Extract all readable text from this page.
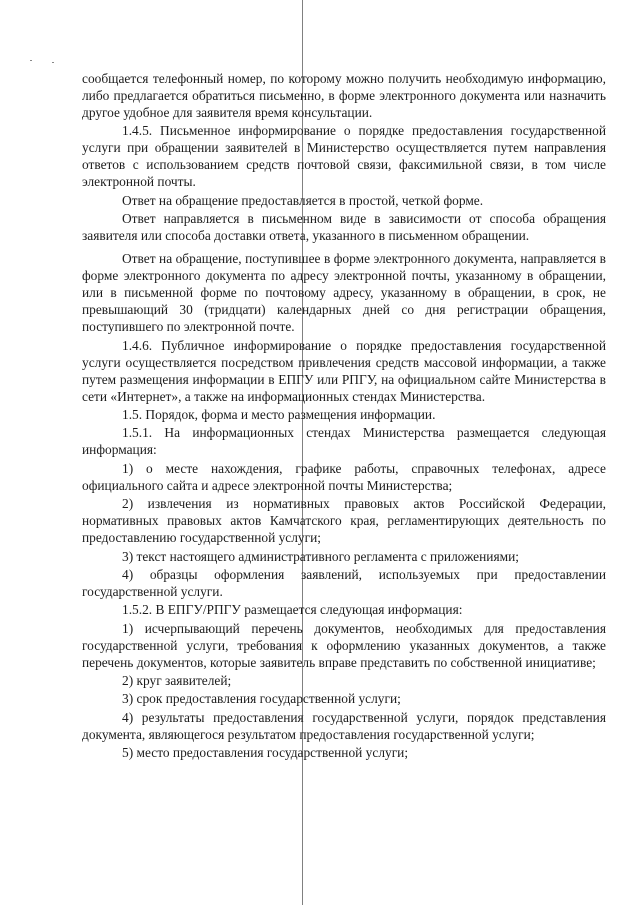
сообщается телефонный номер, по которому можно получить необходимую информацию, либо предлагается обратиться письменно, в форме электронного документа или назначить другое удобное для заявителя время консультации.

1.4.5. Письменное информирование о порядке предоставления государственной услуги при обращении заявителей в Министерство осуществляется путем направления ответов с использованием средств почтовой связи, факсимильной связи, в том числе электронной почты.

Ответ на обращение предоставляется в простой, четкой форме.

Ответ направляется в письменном виде в зависимости от способа обращения заявителя или способа доставки ответа, указанного в письменном обращении.

Ответ на обращение, поступившее в форме электронного документа, направляется в форме электронного документа по адресу электронной почты, указанному в обращении, или в письменной форме по почтовому адресу, указанному в обращении, в срок, не превышающий 30 (тридцати) календарных дней со дня регистрации обращения, поступившего по электронной почте.

1.4.6. Публичное информирование о порядке предоставления государственной услуги осуществляется посредством привлечения средств массовой информации, а также путем размещения информации в ЕПГУ или РПГУ, на официальном сайте Министерства в сети «Интернет», а также на информационных стендах Министерства.

1.5. Порядок, форма и место размещения информации.

1.5.1. На информационных стендах Министерства размещается следующая информация:

1) о месте нахождения, графике работы, справочных телефонах, адресе официального сайта и адресе электронной почты Министерства;

2) извлечения из нормативных правовых актов Российской Федерации, нормативных правовых актов Камчатского края, регламентирующих деятельность по предоставлению государственной услуги;

3) текст настоящего административного регламента с приложениями;

4) образцы оформления заявлений, используемых при предоставлении государственной услуги.

1.5.2. В ЕПГУ/РПГУ размещается следующая информация:

1) исчерпывающий перечень документов, необходимых для предоставления государственной услуги, требования к оформлению указанных документов, а также перечень документов, которые заявитель вправе представить по собственной инициативе;

2) круг заявителей;

3) срок предоставления государственной услуги;

4) результаты предоставления государственной услуги, порядок представления документа, являющегося результатом предоставления государственной услуги;

5) место предоставления государственной услуги;
